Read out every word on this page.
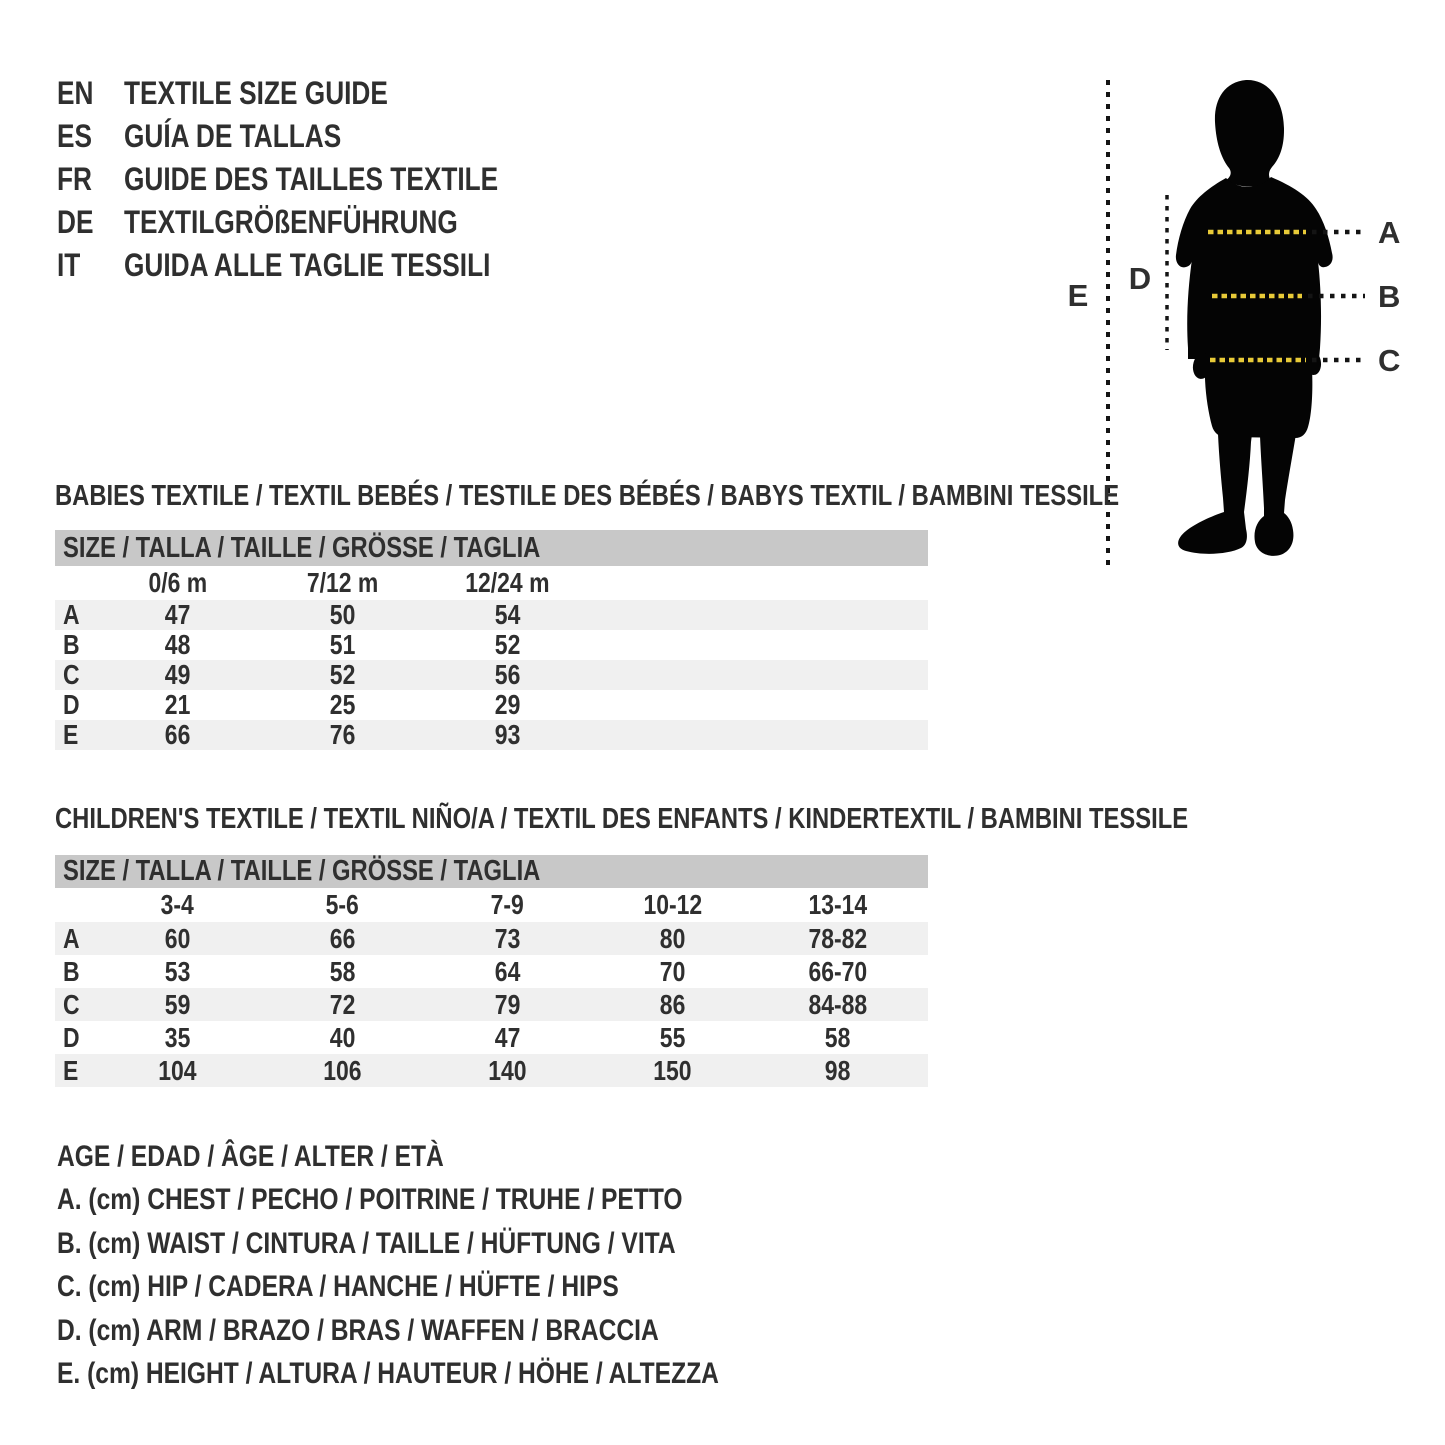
EN TEXTILE SIZE GUIDE
ES GUÍA DE TALLAS
FR	GUIDE DES TAILLES TEXTILE
DE TEXTILGRÖßENFÜHRUNG
IT	GUIDA ALLE TAGLIE TESSILI
A
B
C
D
E
BABIES TEXTILE / TEXTIL BEBÉS / TESTILE DES BÉBÉS / BABYS TEXTIL / BAMBINI TESSILE
SIZE / TALLA / TAILLE / GRÖSSE / TAGLIA
0/6 m	7/12 m	12/24 m
A	47	50	54
B	48	51	52
C	49	52	56
D	21	25	29
E	66	76	93
CHILDREN'S TEXTILE / TEXTIL NIÑO/A / TEXTIL DES ENFANTS / KINDERTEXTIL / BAMBINI TESSILE
SIZE / TALLA / TAILLE / GRÖSSE / TAGLIA
3-4	5-6	7-9	10-12	13-14
A	60	66	73	80	78-82
B	53	58	64	70	66-70
C	59	72	79	86	84-88
D	35	40	47	55	58
E	104	106	140	150	98
AGE / EDAD / ÂGE / ALTER / ETÀ
A. (cm) CHEST / PECHO / POITRINE / TRUHE / PETTO
B. (cm) WAIST / CINTURA / TAILLE / HÜFTUNG / VITA
C. (cm) HIP / CADERA / HANCHE / HÜFTE / HIPS
D. (cm) ARM / BRAZO / BRAS / WAFFEN / BRACCIA
E. (cm) HEIGHT / ALTURA / HAUTEUR / HÖHE / ALTEZZA
